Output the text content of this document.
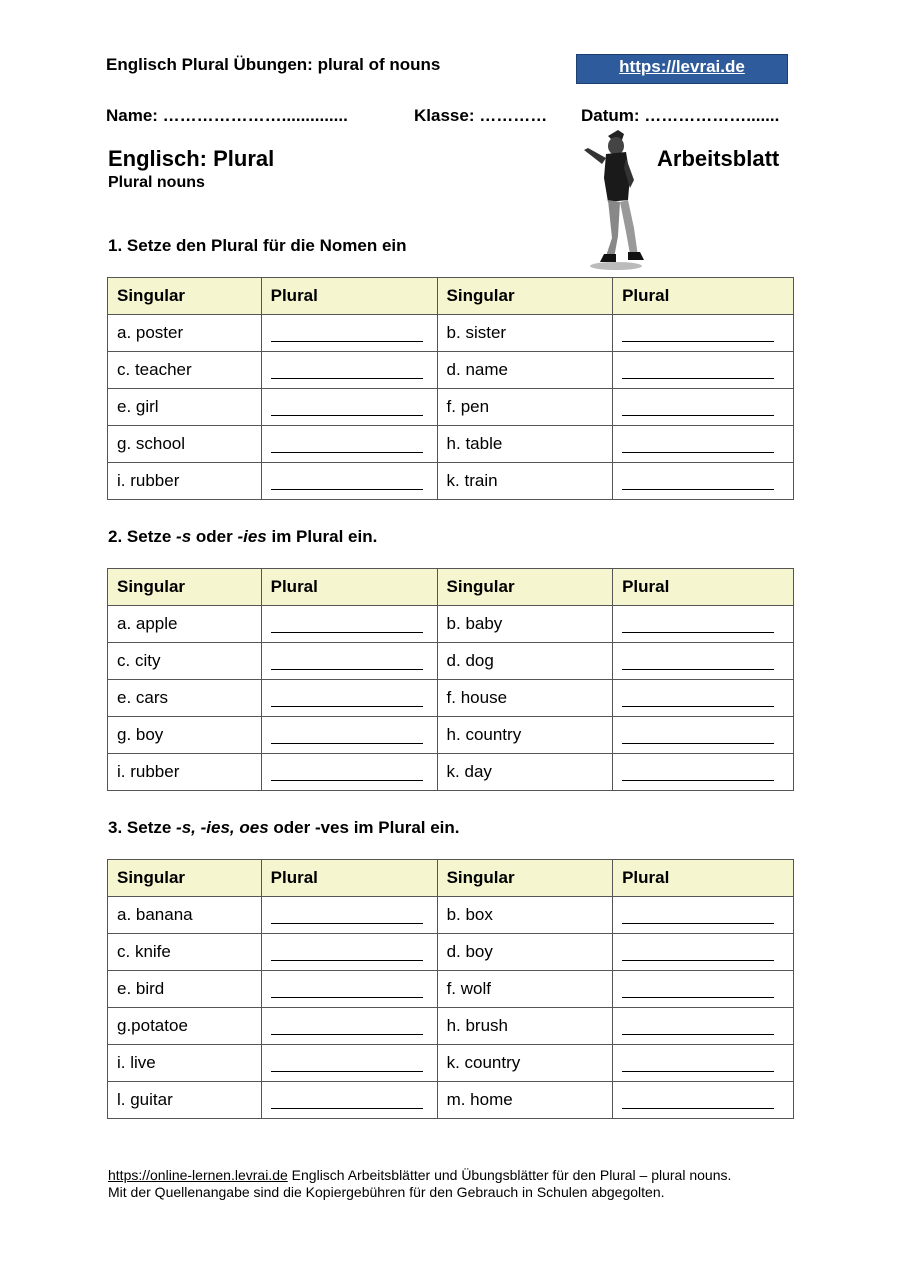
Englisch Plural Übungen: plural of nouns	https://levrai.de
Name: …………………..............	Klasse: ………… Datum: ……………….......
Englisch: Plural
Plural nouns
Arbeitsblatt
1. Setze den Plural für die Nomen ein
Singular	Plural	Singular	Plural
a. poster		b. sister	
c. teacher		d. name	
e. girl		f. pen	
g. school		h. table	
i. rubber		k. train	
2. Setze -s oder -ies im Plural ein.
Singular	Plural	Singular	Plural
a. apple		b. baby	
c. city		d. dog	
e. cars		f. house	
g. boy		h. country	
i. rubber		k. day	
3. Setze -s, -ies, oes oder -ves im Plural ein.
Singular	Plural	Singular	Plural
a. banana		b. box	
c. knife		d. boy	
e. bird		f. wolf	
g.potatoe		h. brush	
i. live		k. country	
l. guitar		m. home	
https://online-lernen.levrai.de Englisch Arbeitsblätter und Übungsblätter für den Plural – plural nouns.
Mit der Quellenangabe sind die Kopiergebühren für den Gebrauch in Schulen abgegolten.
